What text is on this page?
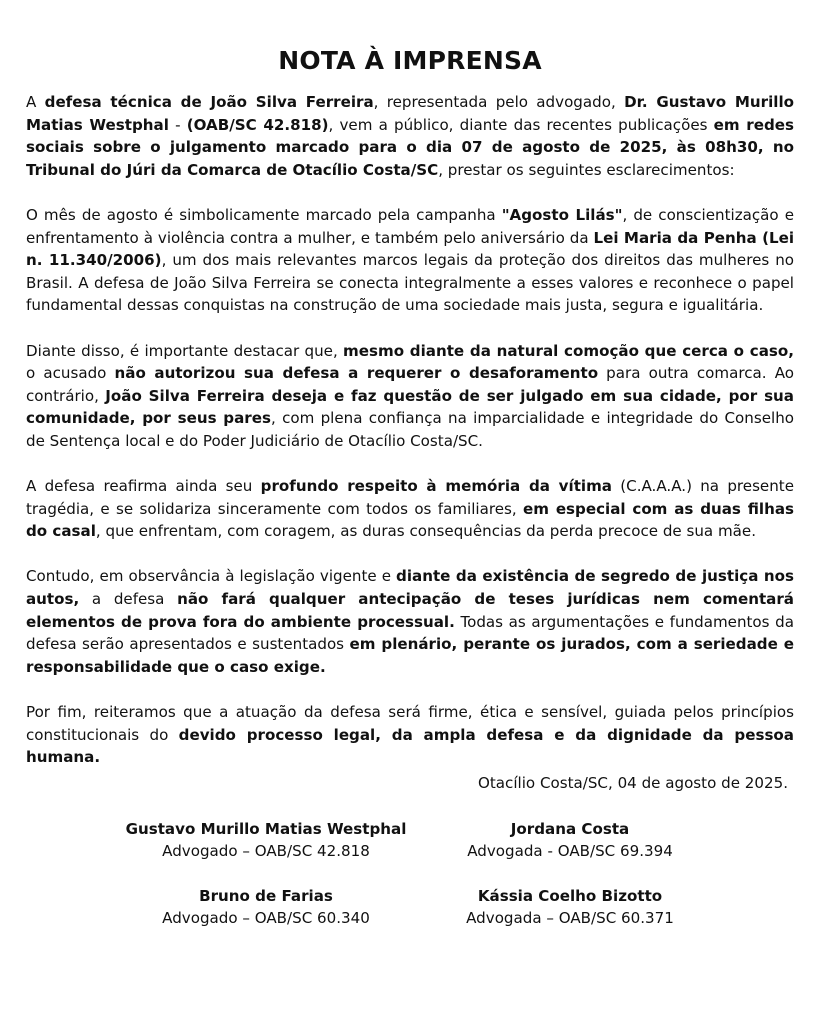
NOTA À IMPRENSA

A defesa técnica de João Silva Ferreira, representada pelo advogado, Dr. Gustavo Murillo Matias Westphal - (OAB/SC 42.818), vem a público, diante das recentes publicações em redes sociais sobre o julgamento marcado para o dia 07 de agosto de 2025, às 08h30, no Tribunal do Júri da Comarca de Otacílio Costa/SC, prestar os seguintes esclarecimentos:

O mês de agosto é simbolicamente marcado pela campanha "Agosto Lilás", de conscientização e enfrentamento à violência contra a mulher, e também pelo aniversário da Lei Maria da Penha (Lei n. 11.340/2006), um dos mais relevantes marcos legais da proteção dos direitos das mulheres no Brasil. A defesa de João Silva Ferreira se conecta integralmente a esses valores e reconhece o papel fundamental dessas conquistas na construção de uma sociedade mais justa, segura e igualitária.

Diante disso, é importante destacar que, mesmo diante da natural comoção que cerca o caso, o acusado não autorizou sua defesa a requerer o desaforamento para outra comarca. Ao contrário, João Silva Ferreira deseja e faz questão de ser julgado em sua cidade, por sua comunidade, por seus pares, com plena confiança na imparcialidade e integridade do Conselho de Sentença local e do Poder Judiciário de Otacílio Costa/SC.

A defesa reafirma ainda seu profundo respeito à memória da vítima (C.A.A.A.) na presente tragédia, e se solidariza sinceramente com todos os familiares, em especial com as duas filhas do casal, que enfrentam, com coragem, as duras consequências da perda precoce de sua mãe.

Contudo, em observância à legislação vigente e diante da existência de segredo de justiça nos autos, a defesa não fará qualquer antecipação de teses jurídicas nem comentará elementos de prova fora do ambiente processual. Todas as argumentações e fundamentos da defesa serão apresentados e sustentados em plenário, perante os jurados, com a seriedade e responsabilidade que o caso exige.

Por fim, reiteramos que a atuação da defesa será firme, ética e sensível, guiada pelos princípios constitucionais do devido processo legal, da ampla defesa e da dignidade da pessoa humana.

Otacílio Costa/SC, 04 de agosto de 2025.
Gustavo Murillo Matias Westphal
Advogado – OAB/SC 42.818
Jordana Costa
Advogada - OAB/SC 69.394
Bruno de Farias
Advogado – OAB/SC 60.340
Kássia Coelho Bizotto
Advogada – OAB/SC 60.371
